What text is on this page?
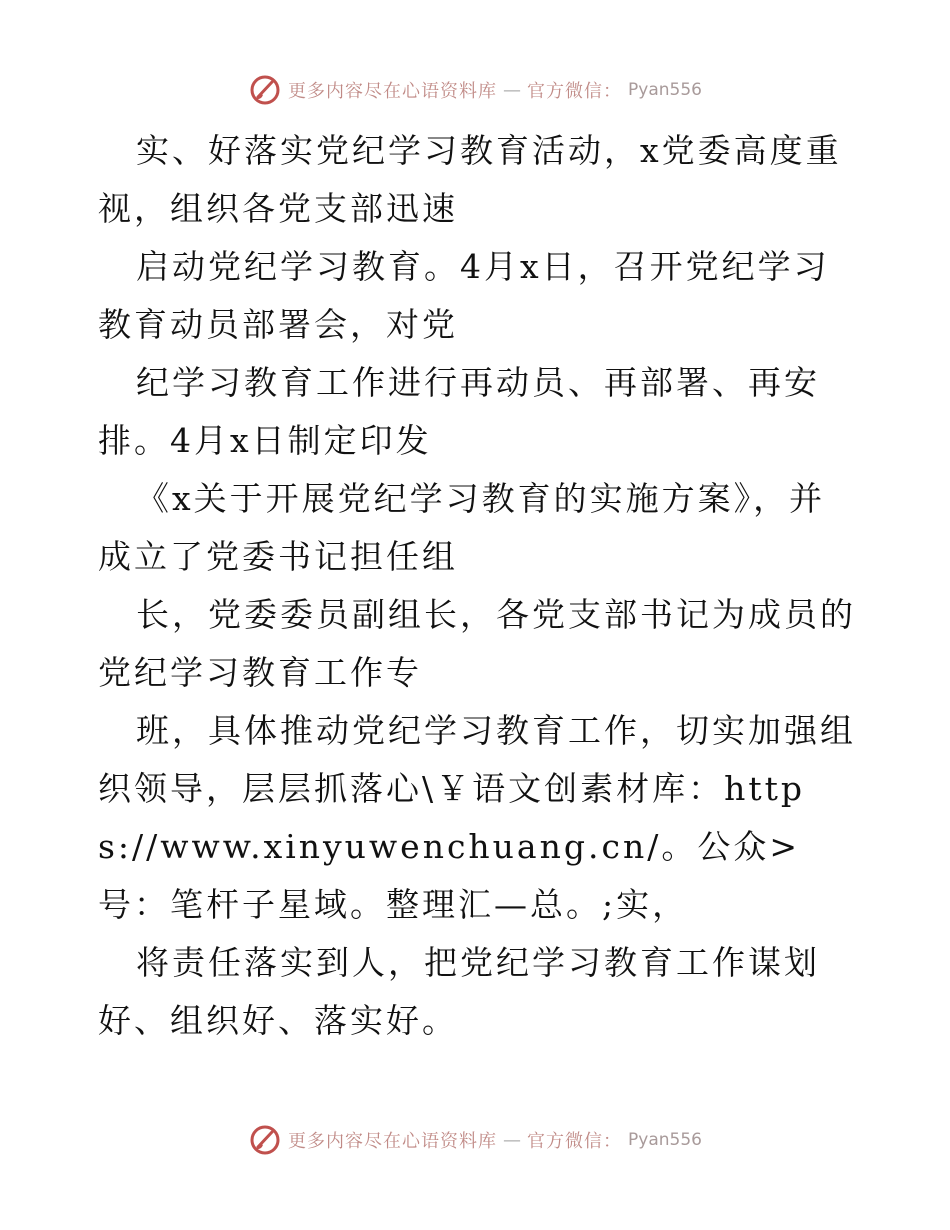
更多内容尽在心语资料库 — 官方微信： Pyan556

实、好落实党纪学习教育活动，x党委高度重视，组织各党支部迅速

启动党纪学习教育。4月x日，召开党纪学习教育动员部署会，对党

纪学习教育工作进行再动员、再部署、再安排。4月x日制定印发

《x关于开展党纪学习教育的实施方案》，并成立了党委书记担任组

长，党委委员副组长，各党支部书记为成员的党纪学习教育工作专

班，具体推动党纪学习教育工作，切实加强组织领导，层层抓落心\￥语文创素材库：https://www.xinyuwenchuang.cn/。公众>号：笔杆子星域。整理汇—总。;实，

将责任落实到人，把党纪学习教育工作谋划好、组织好、落实好。

更多内容尽在心语资料库 — 官方微信： Pyan556
